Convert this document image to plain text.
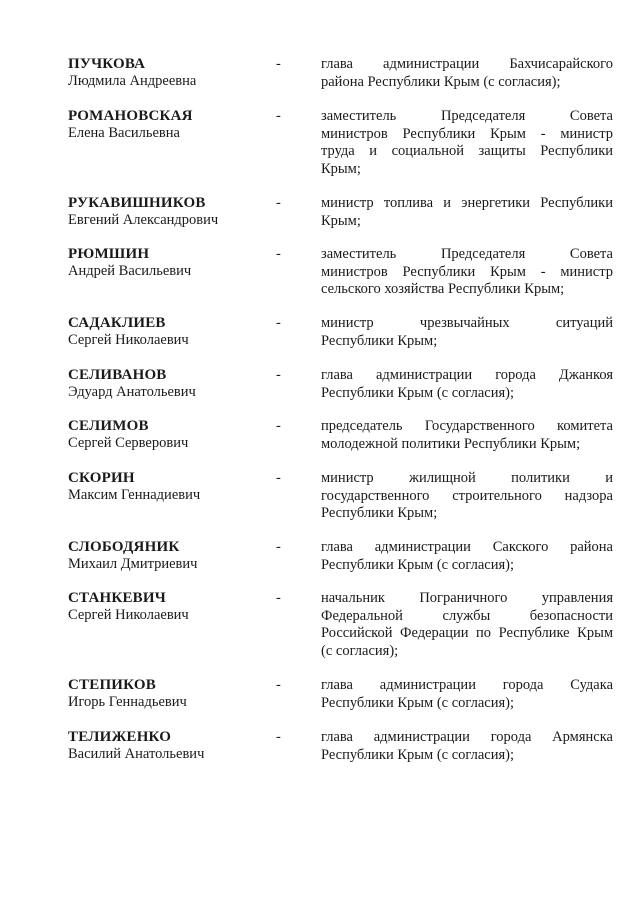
ПУЧКОВА
Людмила Андреевна
-	глава администрации Бахчисарайского
района Республики Крым (с согласия);
РОМАНОВСКАЯ
Елена Васильевна
-	заместитель Председателя Совета
министров Республики Крым - министр
труда и социальной защиты Республики
Крым;
РУКАВИШНИКОВ
Евгений Александрович
-	министр топлива и энергетики Республики
Крым;
РЮМШИН
Андрей Васильевич
-	заместитель Председателя Совета
министров Республики Крым - министр
сельского хозяйства Республики Крым;
САДАКЛИЕВ
Сергей Николаевич
-	министр чрезвычайных ситуаций
Республики Крым;
СЕЛИВАНОВ
Эдуард Анатольевич
-	глава администрации города Джанкоя
Республики Крым (с согласия);
СЕЛИМОВ
Сергей Серверович
-	председатель Государственного комитета
молодежной политики Республики Крым;
СКОРИН
Максим Геннадиевич
-	министр жилищной политики и
государственного строительного надзора
Республики Крым;
СЛОБОДЯНИК
Михаил Дмитриевич
-	глава администрации Сакского района
Республики Крым (с согласия);
СТАНКЕВИЧ
Сергей Николаевич
-	начальник Пограничного управления
Федеральной службы безопасности
Российской Федерации по Республике Крым
(с согласия);
СТЕПИКОВ
Игорь Геннадьевич
-	глава администрации города Судака
Республики Крым (с согласия);
ТЕЛИЖЕНКО
Василий Анатольевич
-	глава администрации города Армянска
Республики Крым (с согласия);
